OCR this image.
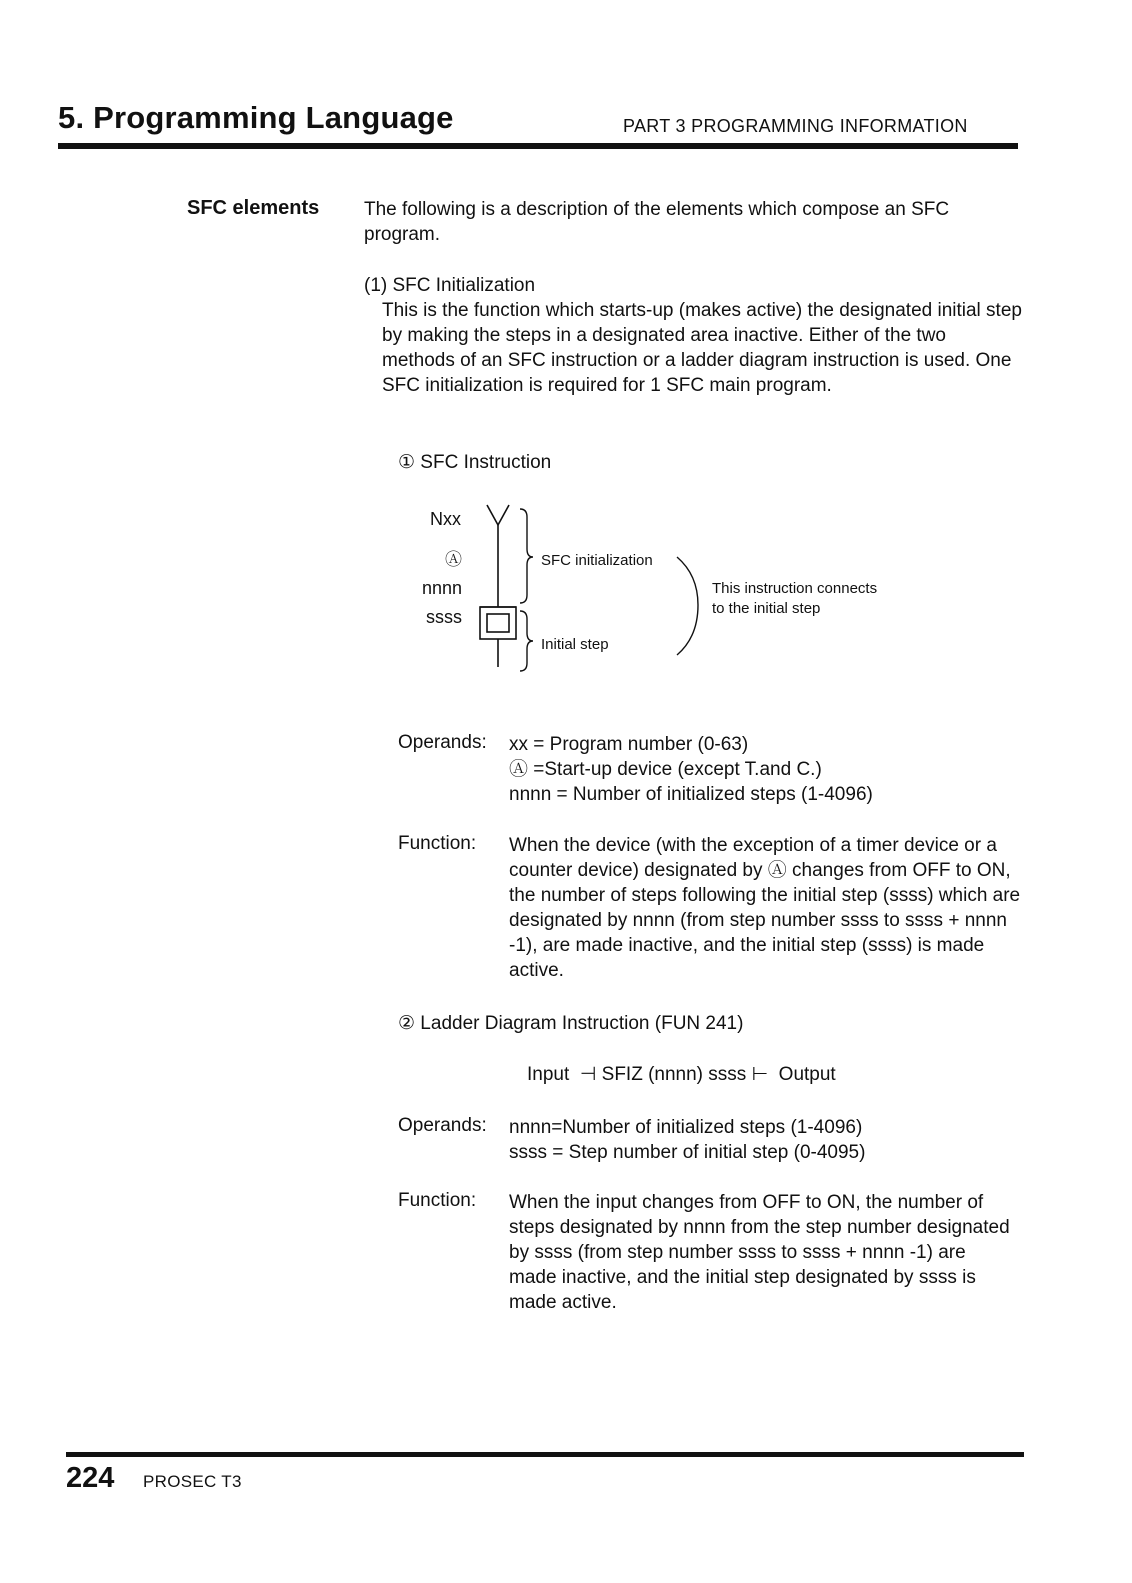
5. Programming Language	PART 3 PROGRAMMING INFORMATION
SFC elements The following is a description of the elements which compose an SFC program.
(1) SFC Initialization
This is the function which starts-up (makes active) the designated initial step by making the steps in a designated area inactive. Either of the two methods of an SFC instruction or a ladder diagram instruction is used. One SFC initialization is required for 1 SFC main program.
① SFC Instruction
Nxx
Ⓐ
nnnn
ssss
SFC initialization
Initial step
This instruction connects
to the initial step
Operands: xx = Program number (0-63)
Ⓐ =Start-up device (except T.and C.)
nnnn = Number of initialized steps (1-4096)
Function: When the device (with the exception of a timer device or a counter device) designated by Ⓐ changes from OFF to ON, the number of steps following the initial step (ssss) which are designated by nnnn (from step number ssss to ssss + nnnn -1), are made inactive, and the initial step (ssss) is made active.
② Ladder Diagram Instruction (FUN 241)
Input  ⊣ SFIZ (nnnn) ssss ⊢  Output
Operands: nnnn=Number of initialized steps (1-4096)
ssss = Step number of initial step (0-4095)
Function: When the input changes from OFF to ON, the number of steps designated by nnnn from the step number designated by ssss (from step number ssss to ssss + nnnn -1) are made inactive, and the initial step designated by ssss is made active.
224 PROSEC T3
